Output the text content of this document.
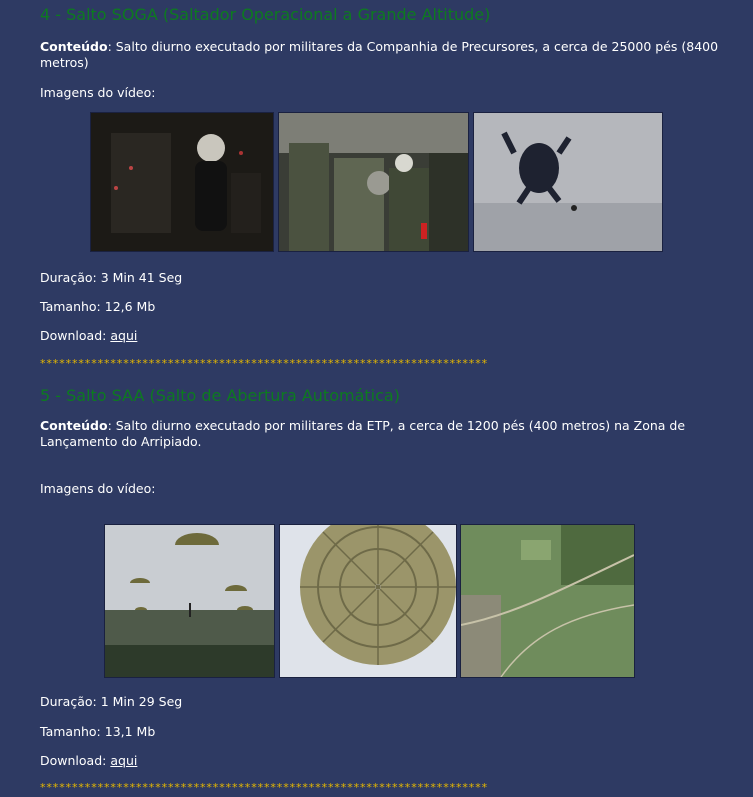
4 - Salto SOGA (Saltador Operacional a Grande Altitude)
Conteúdo: Salto diurno executado por militares da Companhia de Precursores, a cerca de 25000 pés (8400 metros)
Imagens do vídeo:
Duração: 3 Min 41 Seg
Tamanho: 12,6 Mb
Download: aqui
**********************************************************************
5 - Salto SAA (Salto de Abertura Automática)
Conteúdo: Salto diurno executado por militares da ETP, a cerca de 1200 pés (400 metros) na Zona de Lançamento do Arripiado.
Imagens do vídeo:
Duração: 1 Min 29 Seg
Tamanho: 13,1 Mb
Download: aqui
**********************************************************************
